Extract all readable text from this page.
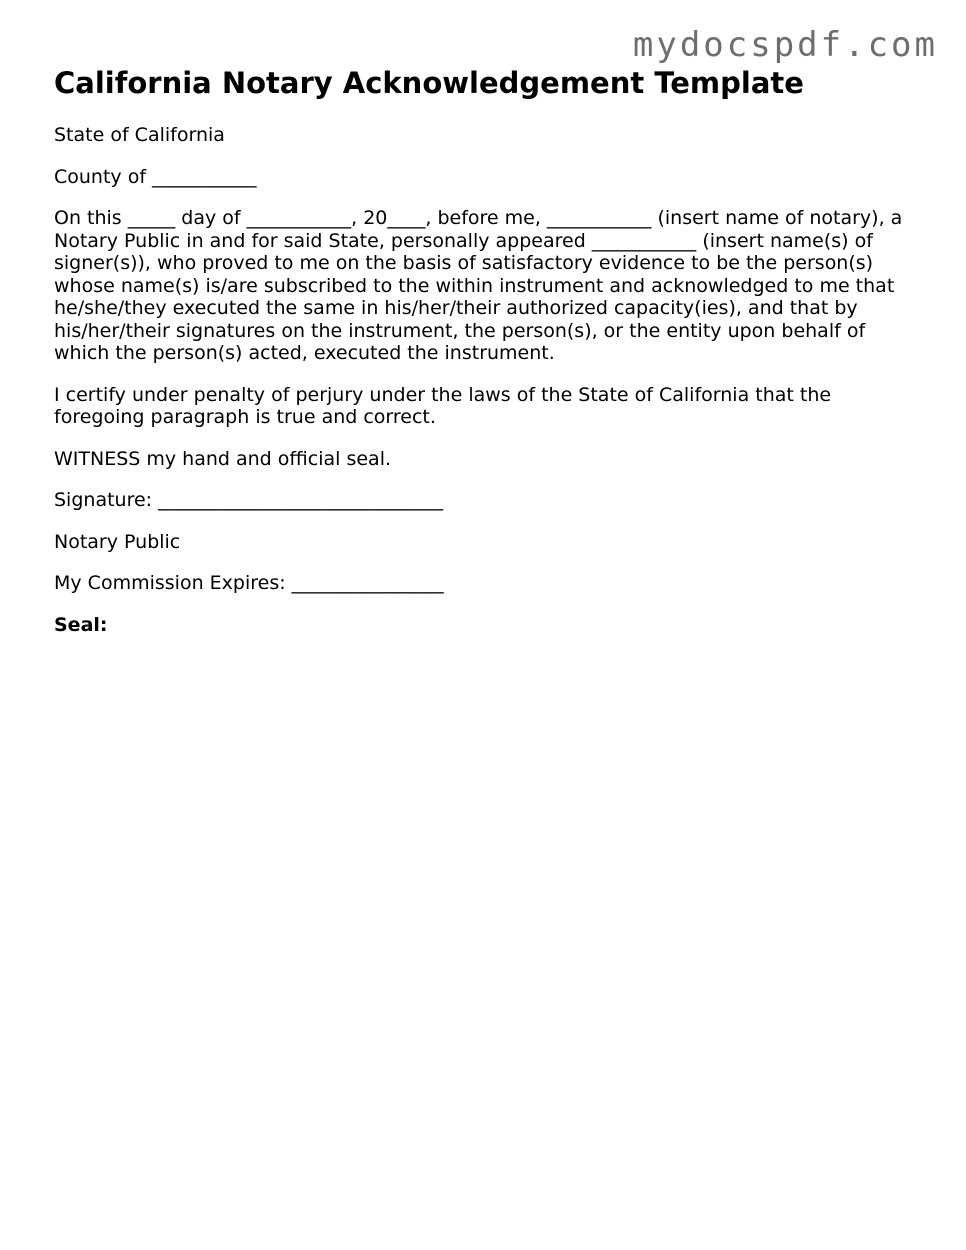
mydocspdf.com
California Notary Acknowledgement Template

State of California

County of ___________

On this _____ day of ___________, 20____, before me, ___________ (insert name of notary), a Notary Public in and for said State, personally appeared ___________ (insert name(s) of signer(s)), who proved to me on the basis of satisfactory evidence to be the person(s) whose name(s) is/are subscribed to the within instrument and acknowledged to me that he/she/they executed the same in his/her/their authorized capacity(ies), and that by his/her/their signatures on the instrument, the person(s), or the entity upon behalf of which the person(s) acted, executed the instrument.

I certify under penalty of perjury under the laws of the State of California that the foregoing paragraph is true and correct.

WITNESS my hand and official seal.

Signature: ______________________________

Notary Public

My Commission Expires: ________________

Seal:
